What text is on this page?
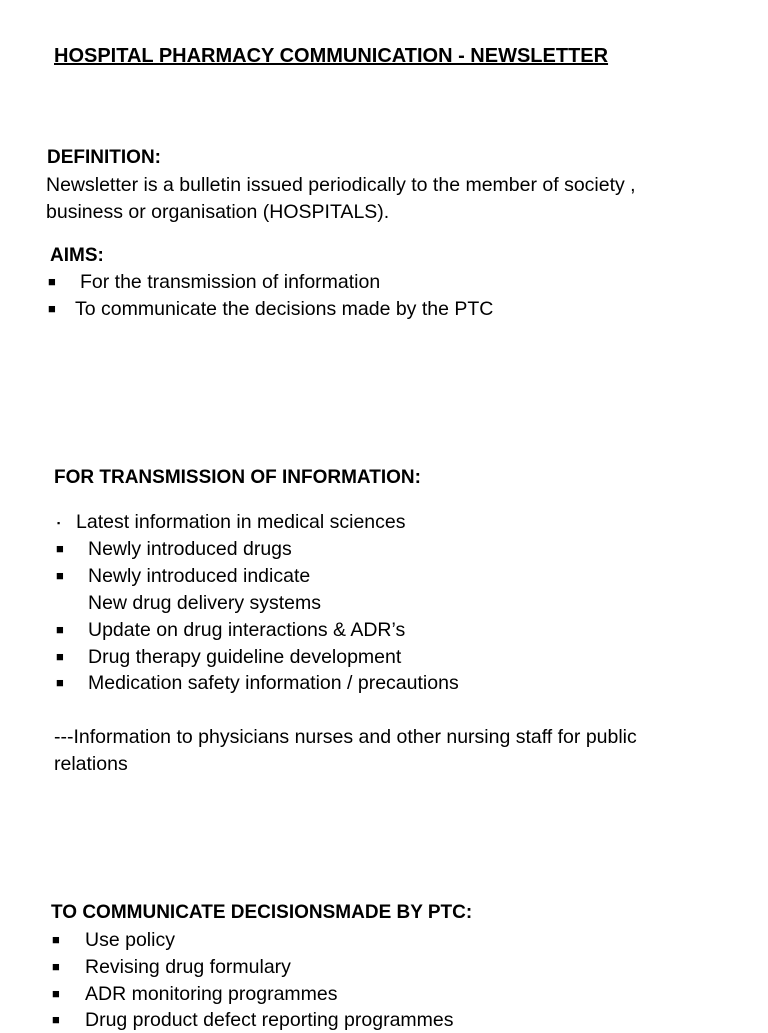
HOSPITAL PHARMACY COMMUNICATION - NEWSLETTER
DEFINITION:
Newsletter is a bulletin issued periodically to the member of society ,
business or organisation (HOSPITALS).
AIMS:
■ For the transmission of information
■ To communicate the decisions made by the PTC
FOR TRANSMISSION OF INFORMATION:
▪ Latest information in medical sciences
■ Newly introduced drugs
■ Newly introduced indicate
New drug delivery systems
■ Update on drug interactions & ADR’s
■ Drug therapy guideline development
■ Medication safety information / precautions
---Information to physicians nurses and other nursing staff for public
relations
TO COMMUNICATE DECISIONSMADE BY PTC:
■ Use policy
■ Revising drug formulary
■ ADR monitoring programmes
■ Drug product defect reporting programmes
